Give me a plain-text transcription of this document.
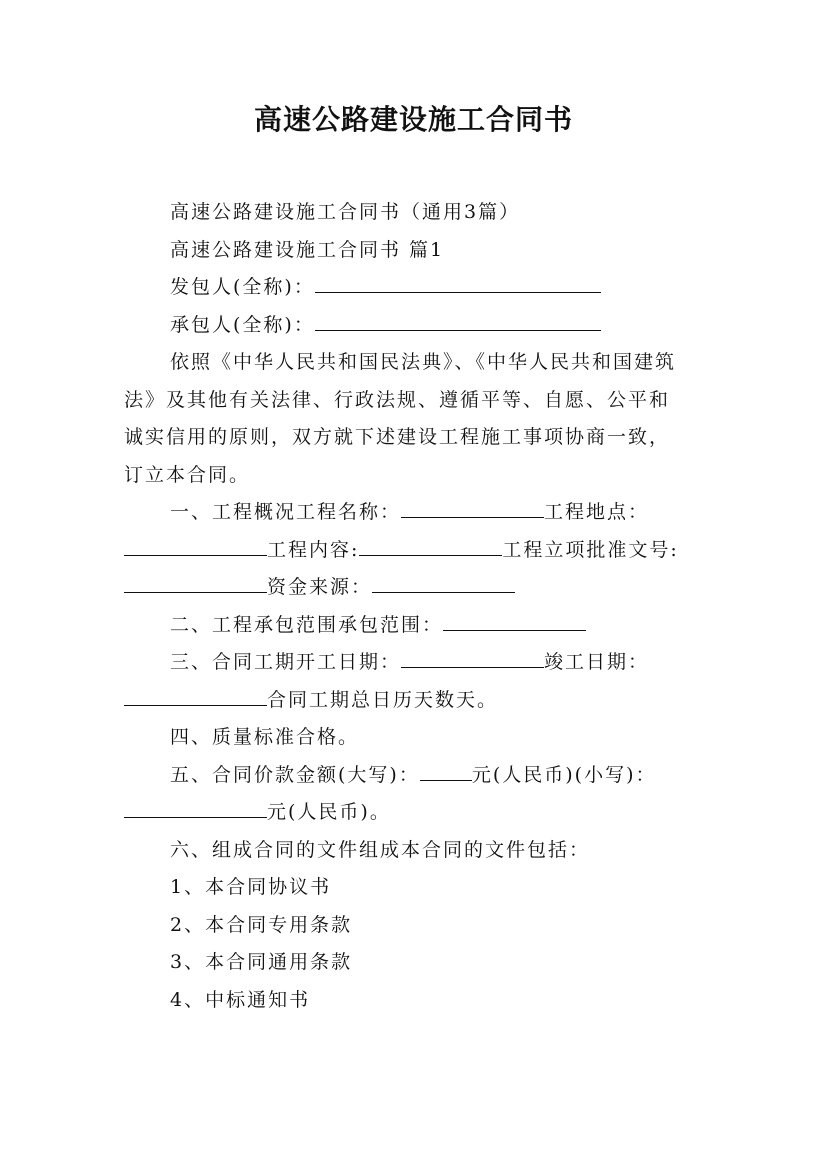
高速公路建设施工合同书
高速公路建设施工合同书（通用3篇）
高速公路建设施工合同书 篇1
发包人(全称)：
承包人(全称)：
依照《中华人民共和国民法典》、《中华人民共和国建筑
法》及其他有关法律、行政法规、遵循平等、自愿、公平和
诚实信用的原则，双方就下述建设工程施工事项协商一致，
订立本合同。
一、工程概况工程名称：	工程地点：
工程内容:	工程立项批准文号:
资金来源：
二、工程承包范围承包范围：
三、合同工期开工日期：	竣工日期：
合同工期总日历天数天。
四、质量标准合格。
五、合同价款金额(大写)：	元(人民币)(小写)：
元(人民币)。
六、组成合同的文件组成本合同的文件包括：
1、本合同协议书
2、本合同专用条款
3、本合同通用条款
4、中标通知书
